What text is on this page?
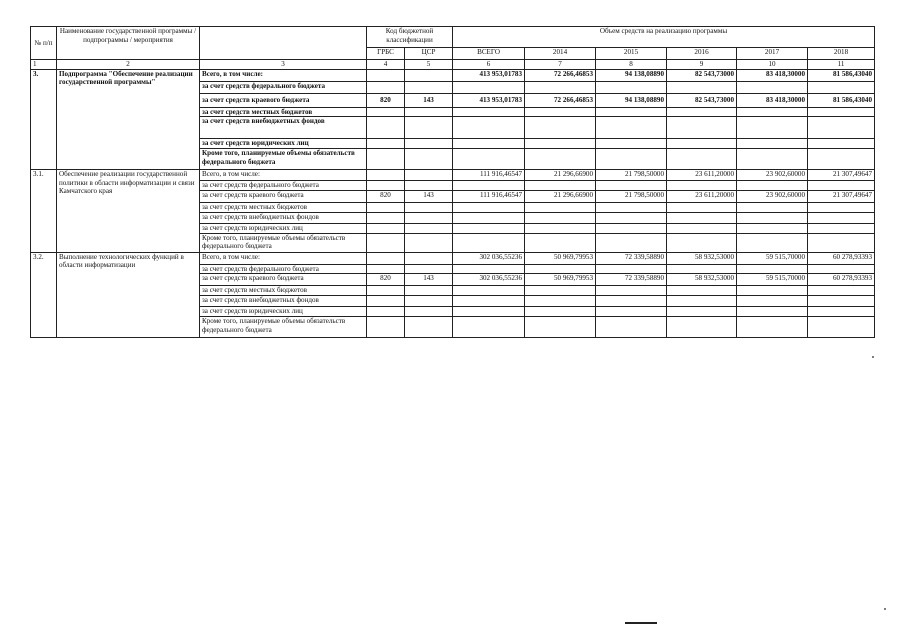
№ п/п	Наименование государственной программы / подпрограммы / мероприятия		Код бюджетной классификации		Объем средств на реализацию программы					
			ГРБС	ЦСР	ВСЕГО	2014	2015	2016	2017	2018
1	2	3	4	5	6	7	8	9	10	11
3.	Подпрограмма "Обеспечение реализации государственной программы"	Всего, в том числе:			413 953,01783	72 266,46853	94 138,08890	82 543,73000	83 418,30000	81 586,43040
		за счет средств федерального бюджета								
		за счет средств краевого бюджета	820	143	413 953,01783	72 266,46853	94 138,08890	82 543,73000	83 418,30000	81 586,43040
		за счет средств местных бюджетов								
		за счет средств внебюджетных фондов								
		за счет средств юридических лиц								
		Кроме того, планируемые объемы обязательств федерального бюджета								
3.1.	Обеспечение реализации государственной политики в области информатизации и связи Камчатского края	Всего, в том числе:			111 916,46547	21 296,66900	21 798,50000	23 611,20000	23 902,60000	21 307,49647
		за счет средств федерального бюджета								
		за счет средств краевого бюджета	820	143	111 916,46547	21 296,66900	21 798,50000	23 611,20000	23 902,60000	21 307,49647
		за счет средств местных бюджетов								
		за счет средств внебюджетных фондов								
		за счет средств юридических лиц								
		Кроме того, планируемые объемы обязательств федерального бюджета								
3.2.	Выполнение технологических функций в области информатизации	Всего, в том числе:			302 036,55236	50 969,79953	72 339,58890	58 932,53000	59 515,70000	60 278,93393
		за счет средств федерального бюджета								
		за счет средств краевого бюджета	820	143	302 036,55236	50 969,79953	72 339,58890	58 932,53000	59 515,70000	60 278,93393
		за счет средств местных бюджетов								
		за счет средств внебюджетных фондов								
		за счет средств юридических лиц								
		Кроме того, планируемые объемы обязательств федерального бюджета								
